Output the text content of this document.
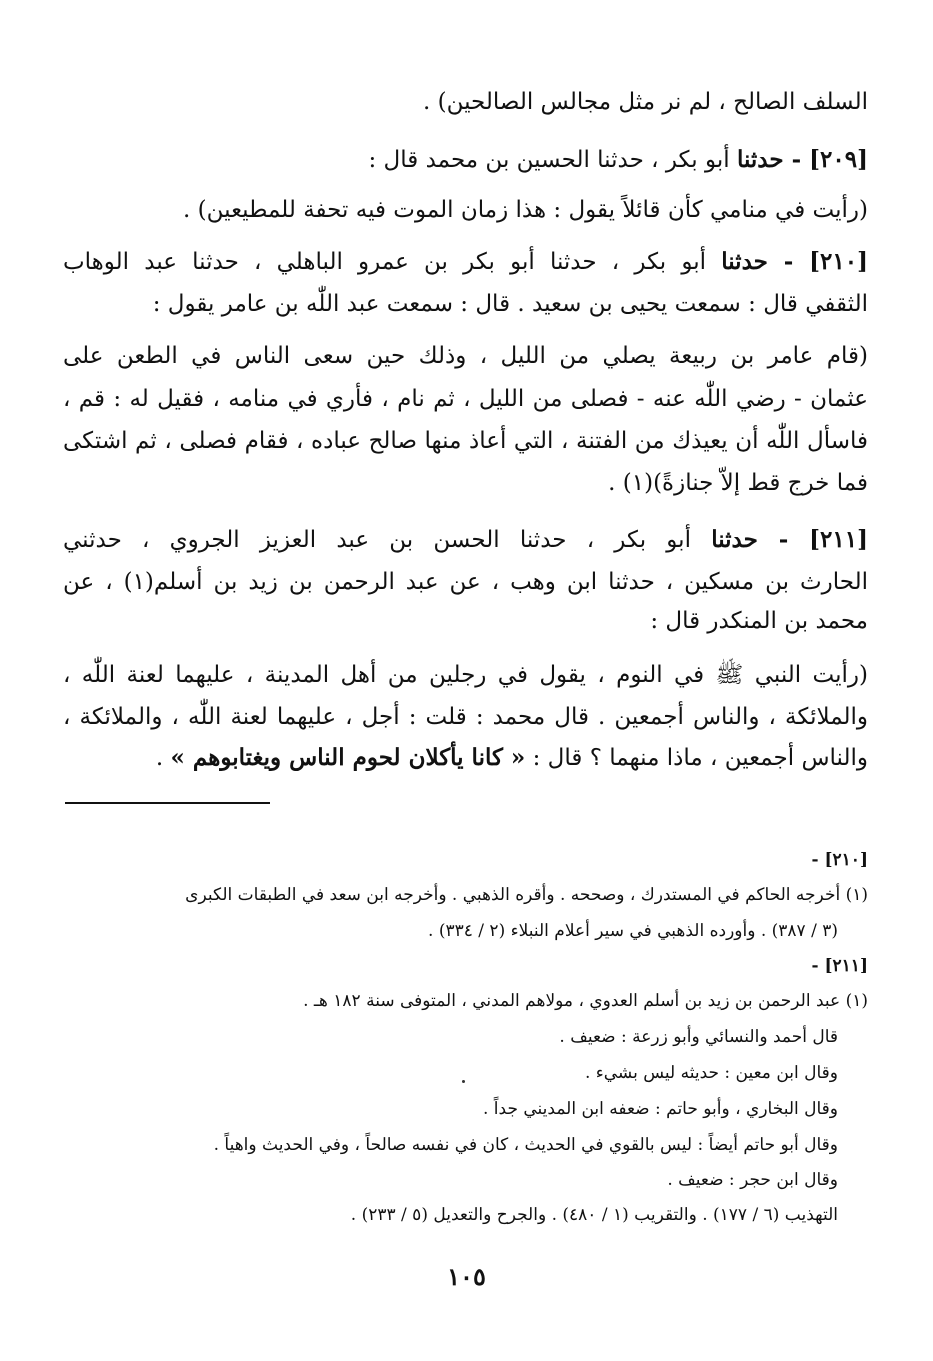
السلف الصالح ، لم نر مثل مجالس الصالحين) .
[٢٠٩] - حدثنا أبو بكر ، حدثنا الحسين بن محمد قال :
(رأيت في منامي كأن قائلاً يقول : هذا زمان الموت فيه تحفة للمطيعين) .
[٢١٠] - حدثنا أبو بكر ، حدثنا أبو بكر بن عمرو الباهلي ، حدثنا عبد الوهاب
الثقفي قال : سمعت يحيى بن سعيد . قال : سمعت عبد اللّٰه بن عامر يقول :
(قام عامر بن ربيعة يصلي من الليل ، وذلك حين سعى الناس في الطعن على
عثمان - رضي اللّٰه عنه - فصلى من الليل ، ثم نام ، فأري في منامه ، فقيل له : قم ،
فاسأل اللّٰه أن يعيذك من الفتنة ، التي أعاذ منها صالح عباده ، فقام فصلى ، ثم اشتكى
فما خرج قط إلاّ جنازةً)(١) .
[٢١١] - حدثنا أبو بكر ، حدثنا الحسن بن عبد العزيز الجروي ، حدثني
الحارث بن مسكين ، حدثنا ابن وهب ، عن عبد الرحمن بن زيد بن أسلم(١) ، عن
محمد بن المنكدر قال :
(رأيت النبي ﷺ في النوم ، يقول في رجلين من أهل المدينة ، عليهما لعنة اللّٰه ،
والملائكة ، والناس أجمعين . قال محمد : قلت : أجل ، عليهما لعنة اللّٰه ، والملائكة ،
والناس أجمعين ، ماذا منهما ؟ قال : « كانا يأكلان لحوم الناس ويغتابوهم » .
[٢١٠] -
(١) أخرجه الحاكم في المستدرك ، وصححه . وأقره الذهبي . وأخرجه ابن سعد في الطبقات الكبرى
(٣ / ٣٨٧) . وأورده الذهبي في سير أعلام النبلاء (٢ / ٣٣٤) .
[٢١١] -
(١) عبد الرحمن بن زيد بن أسلم العدوي ، مولاهم المدني ، المتوفى سنة ١٨٢ هـ .
قال أحمد والنسائي وأبو زرعة : ضعيف .
وقال ابن معين : حديثه ليس بشيء .
وقال البخاري ، وأبو حاتم : ضعفه ابن المديني جداً .
وقال أبو حاتم أيضاً : ليس بالقوي في الحديث ، كان في نفسه صالحاً ، وفي الحديث واهياً .
وقال ابن حجر : ضعيف .
التهذيب (٦ / ١٧٧) . والتقريب (١ / ٤٨٠) . والجرح والتعديل (٥ / ٢٣٣) .
١٠٥
